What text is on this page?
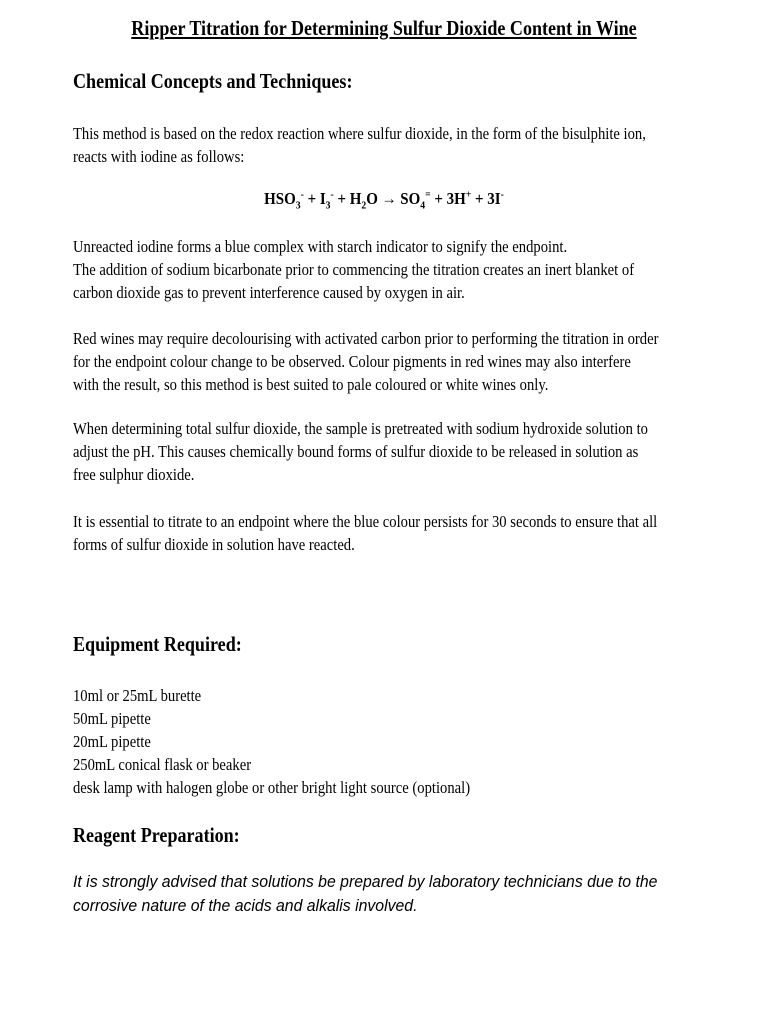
Ripper Titration for Determining Sulfur Dioxide Content in Wine
Chemical Concepts and Techniques:

This method is based on the redox reaction where sulfur dioxide, in the form of the bisulphite ion,
reacts with iodine as follows:

$HSO_3^- + I_3^- + H_2O \to SO_4^= + 3H^+ + 3I^-$

Unreacted iodine forms a blue complex with starch indicator to signify the endpoint.
The addition of sodium bicarbonate prior to commencing the titration creates an inert blanket of
carbon dioxide gas to prevent interference caused by oxygen in air.

Red wines may require decolourising with activated carbon prior to performing the titration in order
for the endpoint colour change to be observed. Colour pigments in red wines may also interfere
with the result, so this method is best suited to pale coloured or white wines only.

When determining total sulfur dioxide, the sample is pretreated with sodium hydroxide solution to
adjust the pH. This causes chemically bound forms of sulfur dioxide to be released in solution as
free sulphur dioxide.

It is essential to titrate to an endpoint where the blue colour persists for 30 seconds to ensure that all
forms of sulfur dioxide in solution have reacted.

Equipment Required:
10ml or 25mL burette
50mL pipette
20mL pipette
250mL conical flask or beaker
desk lamp with halogen globe or other bright light source (optional)
Reagent Preparation:

It is strongly advised that solutions be prepared by laboratory technicians due to the
corrosive nature of the acids and alkalis involved.
